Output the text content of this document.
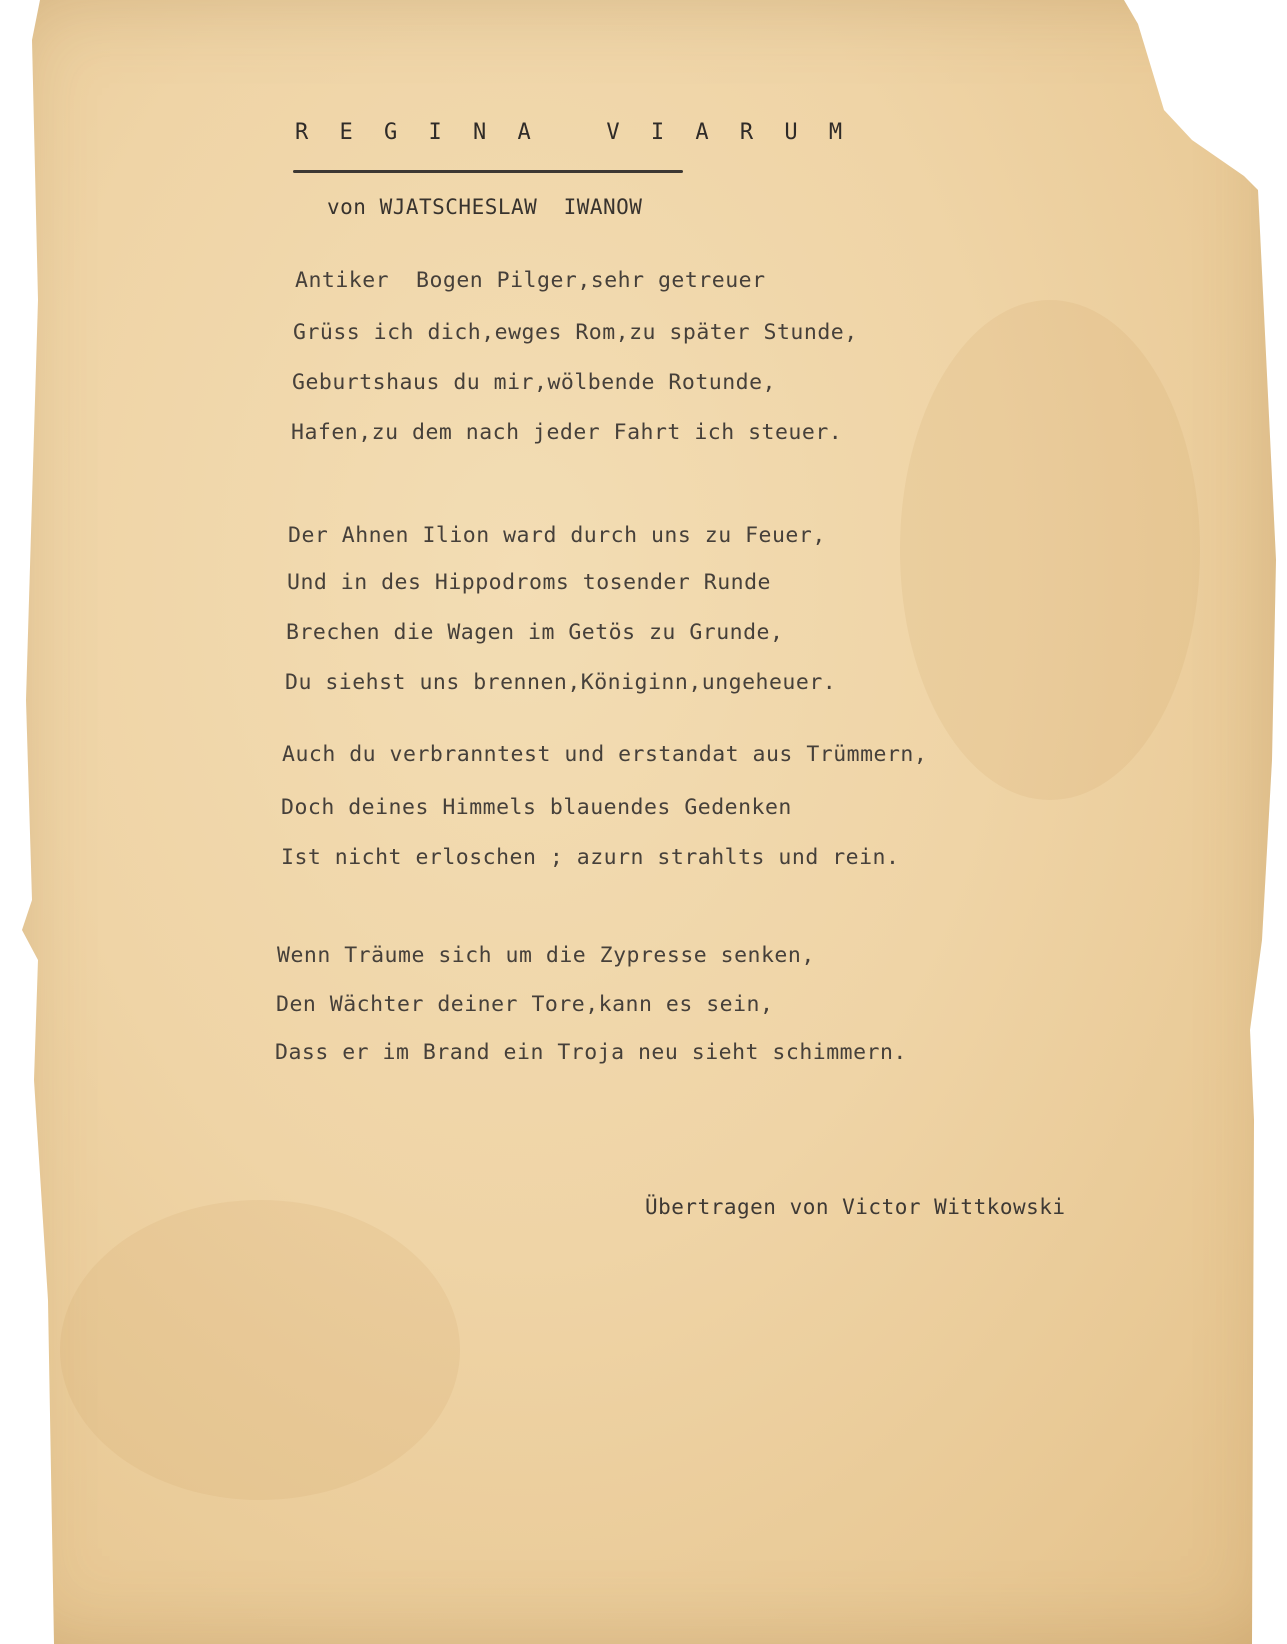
R E G I N A   V I A R U M
von WJATSCHESLAW  IWANOW
Antiker  Bogen Pilger,sehr getreuer
Grüss ich dich,ewges Rom,zu später Stunde,
Geburtshaus du mir,wölbende Rotunde,
Hafen,zu dem nach jeder Fahrt ich steuer.
Der Ahnen Ilion ward durch uns zu Feuer,
Und in des Hippodroms tosender Runde
Brechen die Wagen im Getös zu Grunde,
Du siehst uns brennen,Königinn,ungeheuer.
Auch du verbranntest und erstandat aus Trümmern,
Doch deines Himmels blauendes Gedenken
Ist nicht erloschen ; azurn strahlts und rein.
Wenn Träume sich um die Zypresse senken,
Den Wächter deiner Tore,kann es sein,
Dass er im Brand ein Troja neu sieht schimmern.
Übertragen von Victor Wittkowski
